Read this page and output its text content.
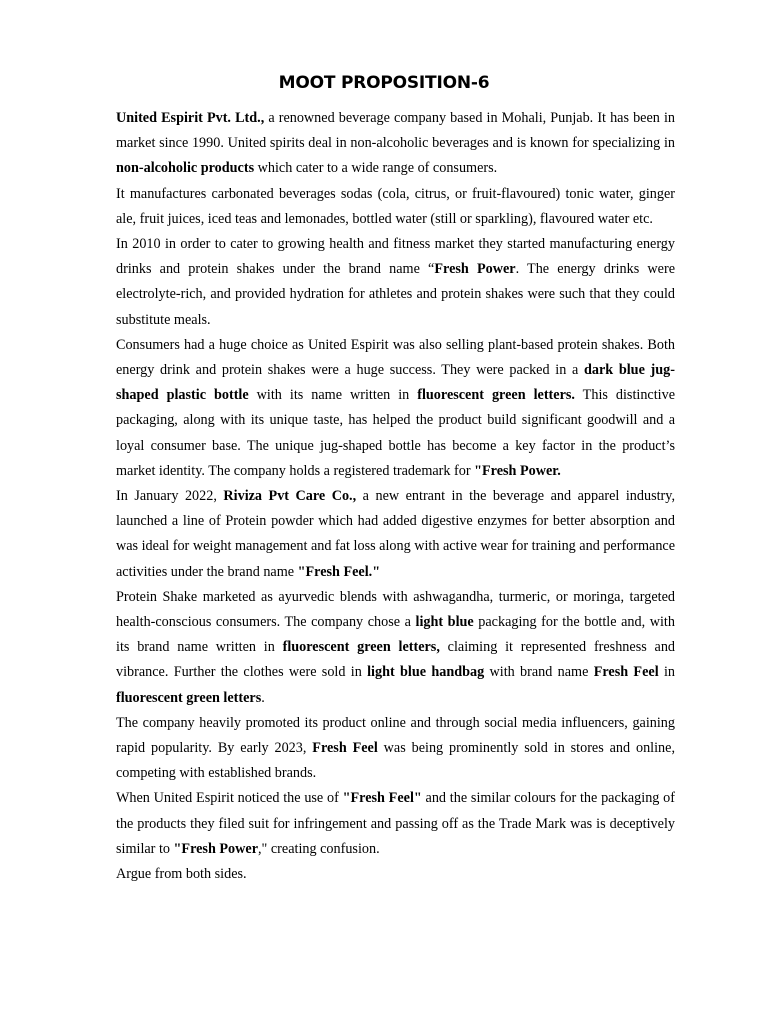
MOOT PROPOSITION-6

United Espirit Pvt. Ltd., a renowned beverage company based in Mohali, Punjab. It has been in market since 1990. United spirits deal in non-alcoholic beverages and is known for specializing in non-alcoholic products which cater to a wide range of consumers.

It manufactures carbonated beverages sodas (cola, citrus, or fruit-flavoured) tonic water, ginger ale, fruit juices, iced teas and lemonades, bottled water (still or sparkling), flavoured water etc.

In 2010 in order to cater to growing health and fitness market they started manufacturing energy drinks and protein shakes under the brand name “Fresh Power. The energy drinks were electrolyte-rich, and provided hydration for athletes and protein shakes were such that they could substitute meals.

Consumers had a huge choice as United Espirit was also selling plant-based protein shakes. Both energy drink and protein shakes were a huge success. They were packed in a dark blue jug-shaped plastic bottle with its name written in fluorescent green letters. This distinctive packaging, along with its unique taste, has helped the product build significant goodwill and a loyal consumer base. The unique jug-shaped bottle has become a key factor in the product’s market identity. The company holds a registered trademark for "Fresh Power.

In January 2022, Riviza Pvt Care Co., a new entrant in the beverage and apparel industry, launched a line of Protein powder which had added digestive enzymes for better absorption and was ideal for weight management and fat loss along with active wear for training and performance activities under the brand name "Fresh Feel."

Protein Shake marketed as ayurvedic blends with ashwagandha, turmeric, or moringa, targeted health-conscious consumers. The company chose a light blue packaging for the bottle and, with its brand name written in fluorescent green letters, claiming it represented freshness and vibrance. Further the clothes were sold in light blue handbag with brand name Fresh Feel in fluorescent green letters.

The company heavily promoted its product online and through social media influencers, gaining rapid popularity. By early 2023, Fresh Feel was being prominently sold in stores and online, competing with established brands.

When United Espirit noticed the use of "Fresh Feel" and the similar colours for the packaging of the products they filed suit for infringement and passing off as the Trade Mark was is deceptively similar to "Fresh Power," creating confusion.

Argue from both sides.
